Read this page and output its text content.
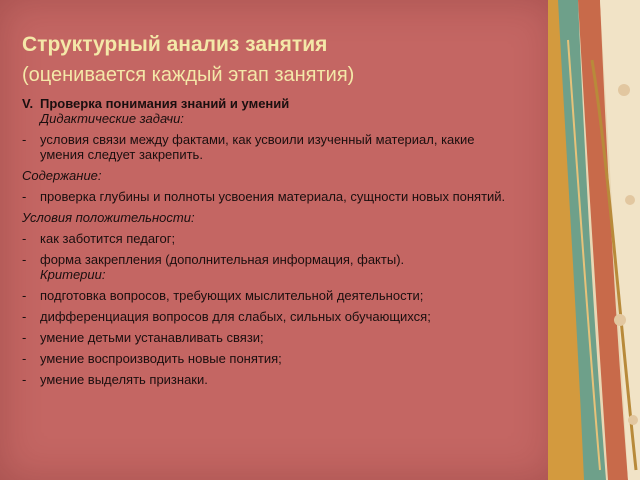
Структурный анализ занятия
(оценивается каждый этап занятия)
V. Проверка понимания знаний и умений
Дидактические задачи:
- условия связи между фактами, как усвоили изученный материал, какие умения следует закрепить.
Содержание:
- проверка глубины и полноты усвоения материала, сущности новых понятий.
Условия положительности:
- как заботится педагог;
- форма закрепления (дополнительная информация, факты).
Критерии:
- подготовка вопросов, требующих мыслительной деятельности;
- дифференциация вопросов для слабых, сильных обучающихся;
- умение детьми устанавливать связи;
- умение воспроизводить новые понятия;
- умение выделять признаки.
